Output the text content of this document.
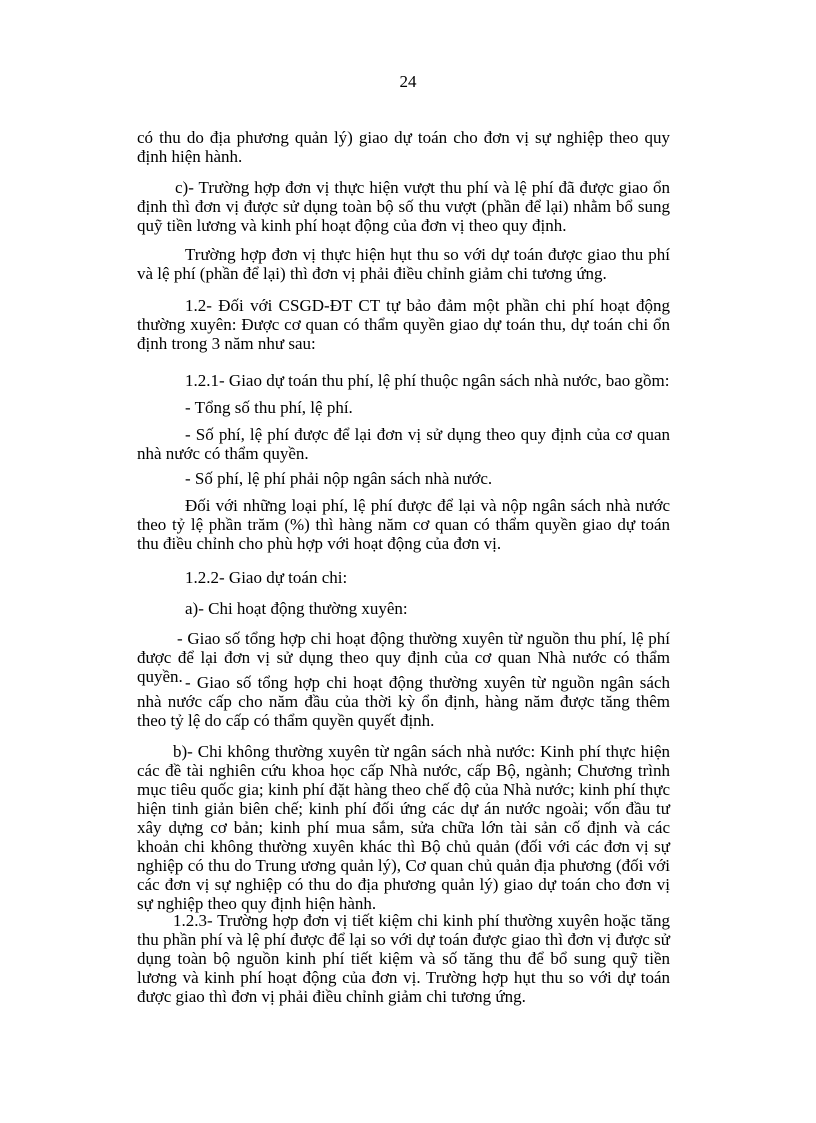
24

có thu do địa phương quản lý) giao dự toán cho đơn vị sự nghiệp theo quy định hiện hành.

c)- Trường hợp đơn vị thực hiện vượt thu phí và lệ phí đã được giao ổn định thì đơn vị được sử dụng toàn bộ số thu vượt (phần để lại) nhằm bổ sung quỹ tiền lương và kinh phí hoạt động của đơn vị theo quy định.

Trường hợp đơn vị thực hiện hụt thu so với dự toán được giao thu phí và lệ phí (phần để lại) thì đơn vị phải điều chỉnh giảm chi tương ứng.

1.2- Đối với CSGD-ĐT CT tự bảo đảm một phần chi phí hoạt động thường xuyên: Được cơ quan có thẩm quyền giao dự toán thu, dự toán chi ổn định trong 3 năm như sau:

1.2.1- Giao dự toán thu phí, lệ phí thuộc ngân sách nhà nước, bao gồm:

- Tổng số thu phí, lệ phí.

- Số phí, lệ phí được để lại đơn vị sử dụng theo quy định của cơ quan nhà nước có thẩm quyền.

- Số phí, lệ phí phải nộp ngân sách nhà nước.

Đối với những loại phí, lệ phí được để lại và nộp ngân sách nhà nước theo tỷ lệ phần trăm (%) thì hàng năm cơ quan có thẩm quyền giao dự toán thu điều chỉnh cho phù hợp với hoạt động của đơn vị.

1.2.2- Giao dự toán chi:

a)- Chi hoạt động thường xuyên:

- Giao số tổng hợp chi hoạt động thường xuyên từ nguồn thu phí, lệ phí được để lại đơn vị sử dụng theo quy định của cơ quan Nhà nước có thẩm quyền. - Giao số tổng hợp chi hoạt động thường xuyên từ nguồn ngân sách nhà nước cấp cho năm đầu của thời kỳ ổn định, hàng năm được tăng thêm theo tỷ lệ do cấp có thẩm quyền quyết định.

b)- Chi không thường xuyên từ ngân sách nhà nước: Kinh phí thực hiện các đề tài nghiên cứu khoa học cấp Nhà nước, cấp Bộ, ngành; Chương trình mục tiêu quốc gia; kinh phí đặt hàng theo chế độ của Nhà nước; kinh phí thực hiện tinh giản biên chế; kinh phí đối ứng các dự án nước ngoài; vốn đầu tư xây dựng cơ bản; kinh phí mua sắm, sửa chữa lớn tài sản cố định và các khoản chi không thường xuyên khác thì Bộ chủ quản (đối với các đơn vị sự nghiệp có thu do Trung ương quản lý), Cơ quan chủ quản địa phương (đối với các đơn vị sự nghiệp có thu do địa phương quản lý) giao dự toán cho đơn vị sự nghiệp theo quy định hiện hành.

1.2.3- Trường hợp đơn vị tiết kiệm chi kinh phí thường xuyên hoặc tăng thu phần phí và lệ phí được để lại so với dự toán được giao thì đơn vị được sử dụng toàn bộ nguồn kinh phí tiết kiệm và số tăng thu để bổ sung quỹ tiền lương và kinh phí hoạt động của đơn vị. Trường hợp hụt thu so với dự toán được giao thì đơn vị phải điều chỉnh giảm chi tương ứng.
